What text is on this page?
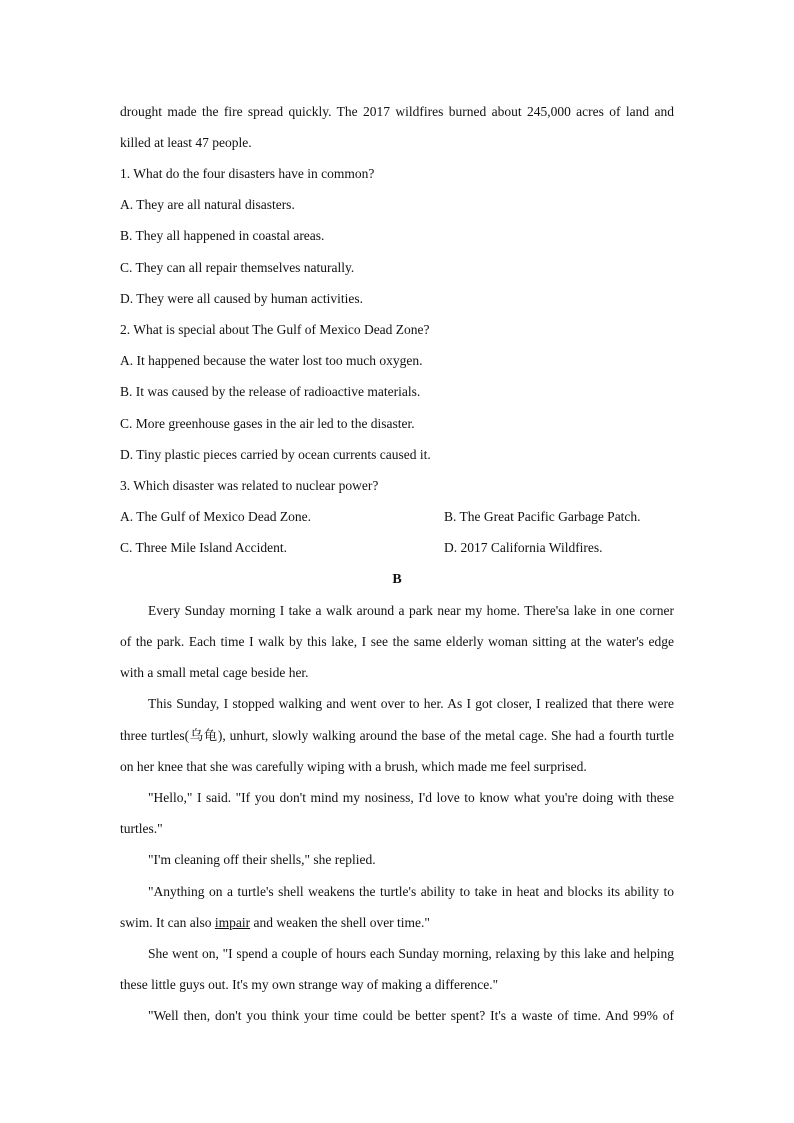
drought made the fire spread quickly. The 2017 wildfires burned about 245,000 acres of land and
killed at least 47 people.
1. What do the four disasters have in common?
A. They are all natural disasters.
B. They all happened in coastal areas.
C. They can all repair themselves naturally.
D. They were all caused by human activities.
2. What is special about The Gulf of Mexico Dead Zone?
A. It happened because the water lost too much oxygen.
B. It was caused by the release of radioactive materials.
C. More greenhouse gases in the air led to the disaster.
D. Tiny plastic pieces carried by ocean currents caused it.
3. Which disaster was related to nuclear power?
A. The Gulf of Mexico Dead Zone.	B. The Great Pacific Garbage Patch.
C. Three Mile Island Accident.	D. 2017 California Wildfires.
B
Every Sunday morning I take a walk around a park near my home. There'sa lake in one corner
of the park. Each time I walk by this lake, I see the same elderly woman sitting at the water's edge
with a small metal cage beside her.
This Sunday, I stopped walking and went over to her. As I got closer, I realized that there were
three turtles(乌龟), unhurt, slowly walking around the base of the metal cage. She had a fourth turtle
on her knee that she was carefully wiping with a brush, which made me feel surprised.
"Hello," I said. "If you don't mind my nosiness, I'd love to know what you're doing with these
turtles."
"I'm cleaning off their shells," she replied.
"Anything on a turtle's shell weakens the turtle's ability to take in heat and blocks its ability to
swim. It can also impair and weaken the shell over time."
She went on, "I spend a couple of hours each Sunday morning, relaxing by this lake and helping
these little guys out. It's my own strange way of making a difference."
"Well then, don't you think your time could be better spent? It's a waste of time. And 99% of
